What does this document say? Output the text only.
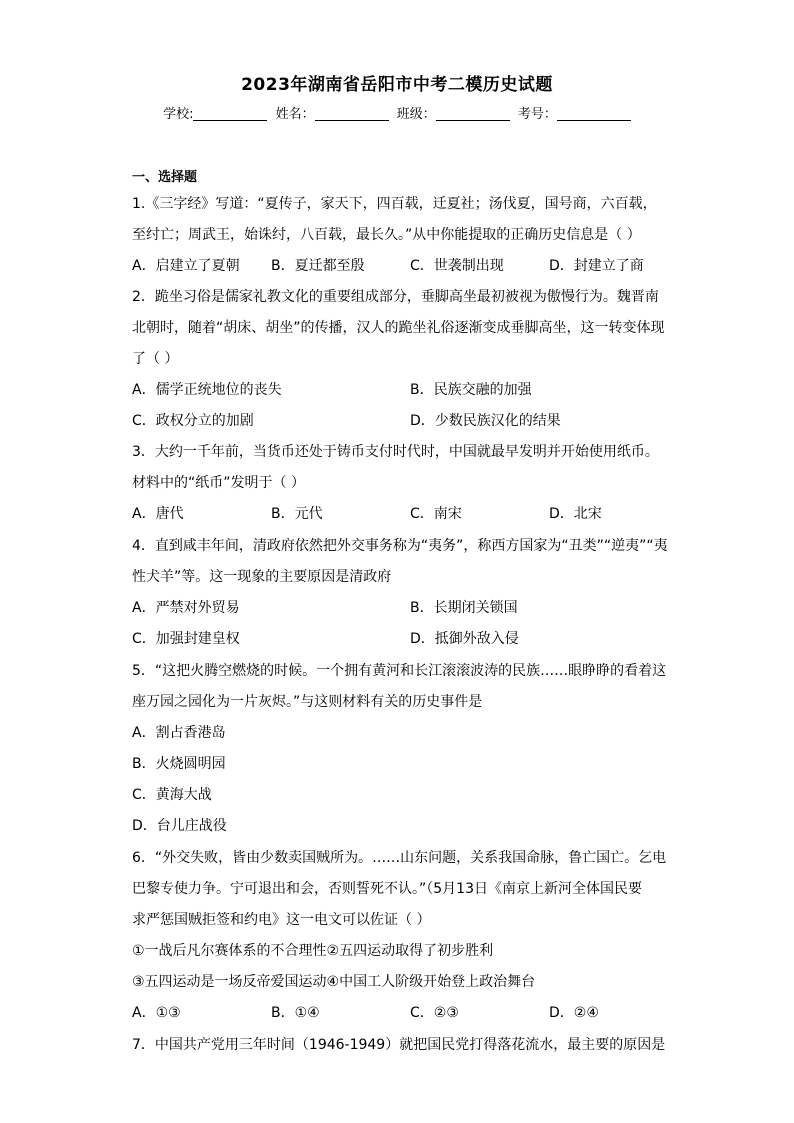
2023年湖南省岳阳市中考二模历史试题
学校:	姓名：	班级：	考号：
一、选择题
1.《三字经》写道：“夏传子，家天下，四百载，迁夏社；汤伐夏，国号商，六百载，
至纣亡；周武王，始诛纣，八百载，最长久。”从中你能提取的正确历史信息是（ ）
A．启建立了夏朝 B．夏迁都至殷	C．世袭制出现	D．封建立了商
2．跪坐习俗是儒家礼教文化的重要组成部分，垂脚高坐最初被视为傲慢行为。魏晋南
北朝时，随着“胡床、胡坐”的传播，汉人的跪坐礼俗逐渐变成垂脚高坐，这一转变体现
了（ ）
A．儒学正统地位的丧失	B．民族交融的加强
C．政权分立的加剧	D．少数民族汉化的结果
3．大约一千年前，当货币还处于铸币支付时代时，中国就最早发明并开始使用纸币。
材料中的“纸币”发明于（ ）
A．唐代	B．元代	C．南宋	D．北宋
4．直到咸丰年间，清政府依然把外交事务称为“夷务”，称西方国家为“丑类”“逆夷”“夷
性犬羊”等。这一现象的主要原因是清政府
A．严禁对外贸易	B．长期闭关锁国
C．加强封建皇权	D．抵御外敌入侵
5．“这把火腾空燃烧的时候。一个拥有黄河和长江滚滚波涛的民族……眼睁睁的看着这
座万园之园化为一片灰烬。”与这则材料有关的历史事件是
A．割占香港岛
B．火烧圆明园
C．黄海大战
D．台儿庄战役
6．“外交失败，皆由少数卖国贼所为。……山东问题，关系我国命脉，鲁亡国亡。乞电
巴黎专使力争。宁可退出和会，否则誓死不认。”（5月13日《南京上新河全体国民要
求严惩国贼拒签和约电》这一电文可以佐证（ ）
①一战后凡尔赛体系的不合理性②五四运动取得了初步胜利
③五四运动是一场反帝爱国运动④中国工人阶级开始登上政治舞台
A．①③	B．①④	C．②③	D．②④
7．中国共产党用三年时间（1946-1949）就把国民党打得落花流水，最主要的原因是
